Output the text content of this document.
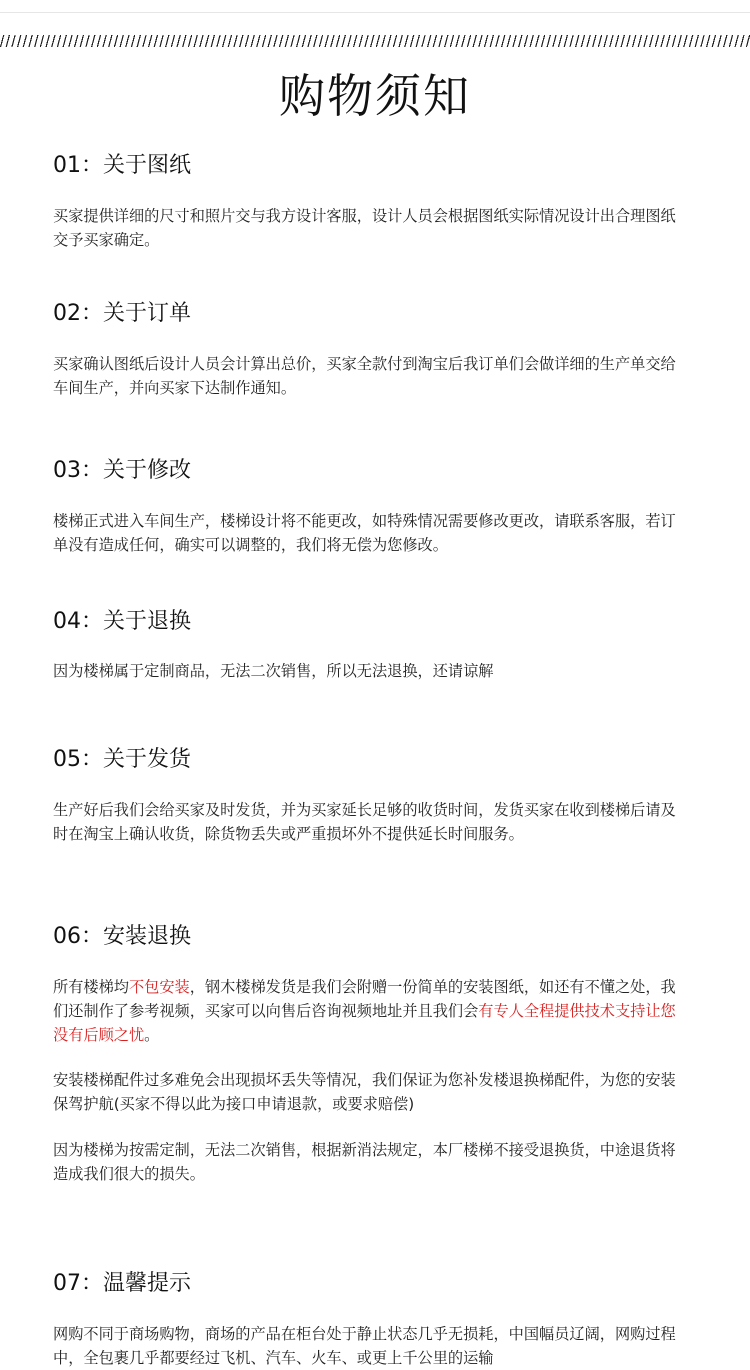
购物须知
01：关于图纸

买家提供详细的尺寸和照片交与我方设计客服，设计人员会根据图纸实际情况设计出合理图纸交予买家确定。

02：关于订单

买家确认图纸后设计人员会计算出总价，买家全款付到淘宝后我订单们会做详细的生产单交给车间生产，并向买家下达制作通知。

03：关于修改

楼梯正式进入车间生产，楼梯设计将不能更改，如特殊情况需要修改更改，请联系客服，若订单没有造成任何，确实可以调整的，我们将无偿为您修改。

04：关于退换

因为楼梯属于定制商品，无法二次销售，所以无法退换，还请谅解

05：关于发货

生产好后我们会给买家及时发货，并为买家延长足够的收货时间，发货买家在收到楼梯后请及时在淘宝上确认收货，除货物丢失或严重损坏外不提供延长时间服务。

06：安装退换

所有楼梯均不包安装，钢木楼梯发货是我们会附赠一份简单的安装图纸，如还有不懂之处，我们还制作了参考视频，买家可以向售后咨询视频地址并且我们会有专人全程提供技术支持让您没有后顾之忧。

安装楼梯配件过多难免会出现损坏丢失等情况，我们保证为您补发楼退换梯配件，为您的安装保驾护航(买家不得以此为接口申请退款，或要求赔偿)

因为楼梯为按需定制，无法二次销售，根据新消法规定，本厂楼梯不接受退换货，中途退货将造成我们很大的损失。

07：温馨提示

网购不同于商场购物，商场的产品在柜台处于静止状态几乎无损耗，中国幅员辽阔，网购过程中，全包裹几乎都要经过飞机、汽车、火车、或更上千公里的运输
